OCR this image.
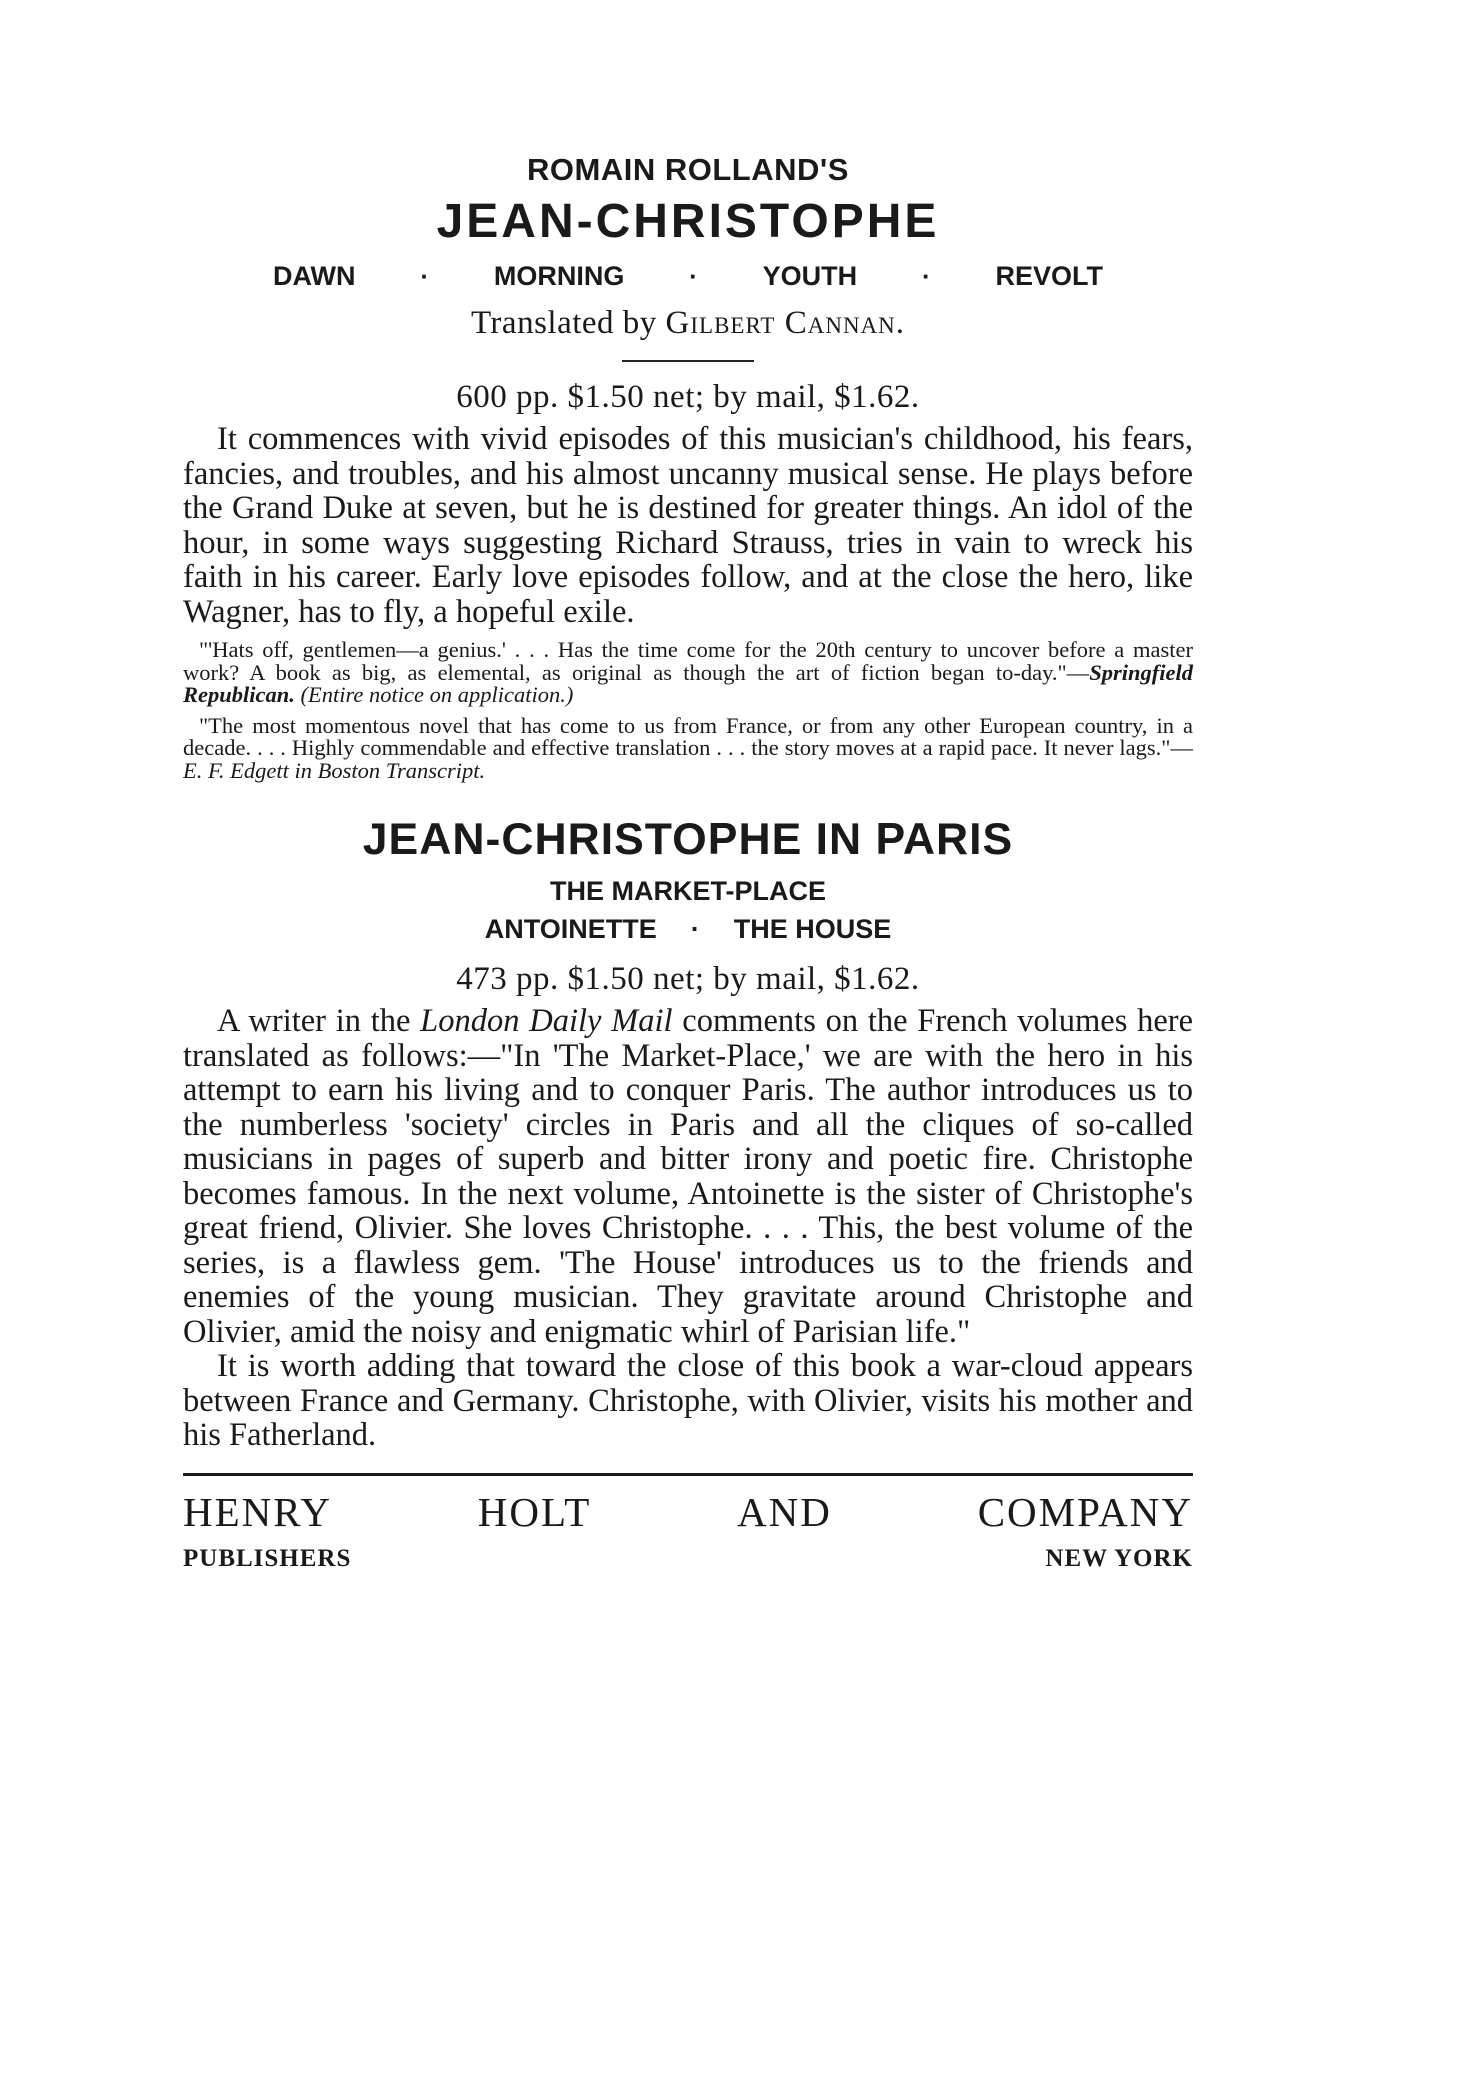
ROMAIN ROLLAND'S
JEAN-CHRISTOPHE
DAWN · MORNING · YOUTH · REVOLT
Translated by Gilbert Cannan.
600 pp. $1.50 net; by mail, $1.62.

It commences with vivid episodes of this musician's childhood, his fears, fancies, and troubles, and his almost uncanny musical sense. He plays before the Grand Duke at seven, but he is destined for greater things. An idol of the hour, in some ways suggesting Richard Strauss, tries in vain to wreck his faith in his career. Early love episodes follow, and at the close the hero, like Wagner, has to fly, a hopeful exile.

"'Hats off, gentlemen—a genius.' . . . Has the time come for the 20th century to uncover before a master work? A book as big, as elemental, as original as though the art of fiction began to-day."—Springfield Republican. (Entire notice on application.)

"The most momentous novel that has come to us from France, or from any other European country, in a decade. . . . Highly commendable and effective translation . . . the story moves at a rapid pace. It never lags."—E. F. Edgett in Boston Transcript.

JEAN-CHRISTOPHE IN PARIS
THE MARKET-PLACE
ANTOINETTE · THE HOUSE
473 pp. $1.50 net; by mail, $1.62.

A writer in the London Daily Mail comments on the French volumes here translated as follows:—"In 'The Market-Place,' we are with the hero in his attempt to earn his living and to conquer Paris. The author introduces us to the numberless 'society' circles in Paris and all the cliques of so-called musicians in pages of superb and bitter irony and poetic fire. Christophe becomes famous. In the next volume, Antoinette is the sister of Christophe's great friend, Olivier. She loves Christophe. . . . This, the best volume of the series, is a flawless gem. 'The House' introduces us to the friends and enemies of the young musician. They gravitate around Christophe and Olivier, amid the noisy and enigmatic whirl of Parisian life."

It is worth adding that toward the close of this book a war-cloud appears between France and Germany. Christophe, with Olivier, visits his mother and his Fatherland.

HENRY	HOLT	AND	COMPANY
PUBLISHERS	NEW YORK
